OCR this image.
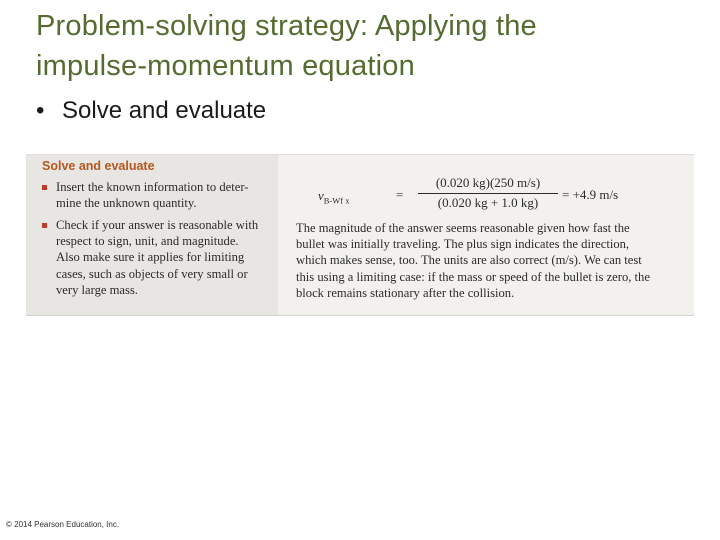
Problem-solving strategy: Applying the
impulse-momentum equation
• Solve and evaluate
Solve and evaluate
Insert the known information to deter-
mine the unknown quantity.
Check if your answer is reasonable with
respect to sign, unit, and magnitude.
Also make sure it applies for limiting
cases, such as objects of very small or
very large mass.
$v_{B-Wf x}$	=
(0.020 kg)(250 m/s)
(0.020 kg + 1.0 kg)
= +4.9 m/s
The magnitude of the answer seems reasonable given how fast the
bullet was initially traveling. The plus sign indicates the direction,
which makes sense, too. The units are also correct (m/s). We can test
this using a limiting case: if the mass or speed of the bullet is zero, the
block remains stationary after the collision.
© 2014 Pearson Education, Inc.
